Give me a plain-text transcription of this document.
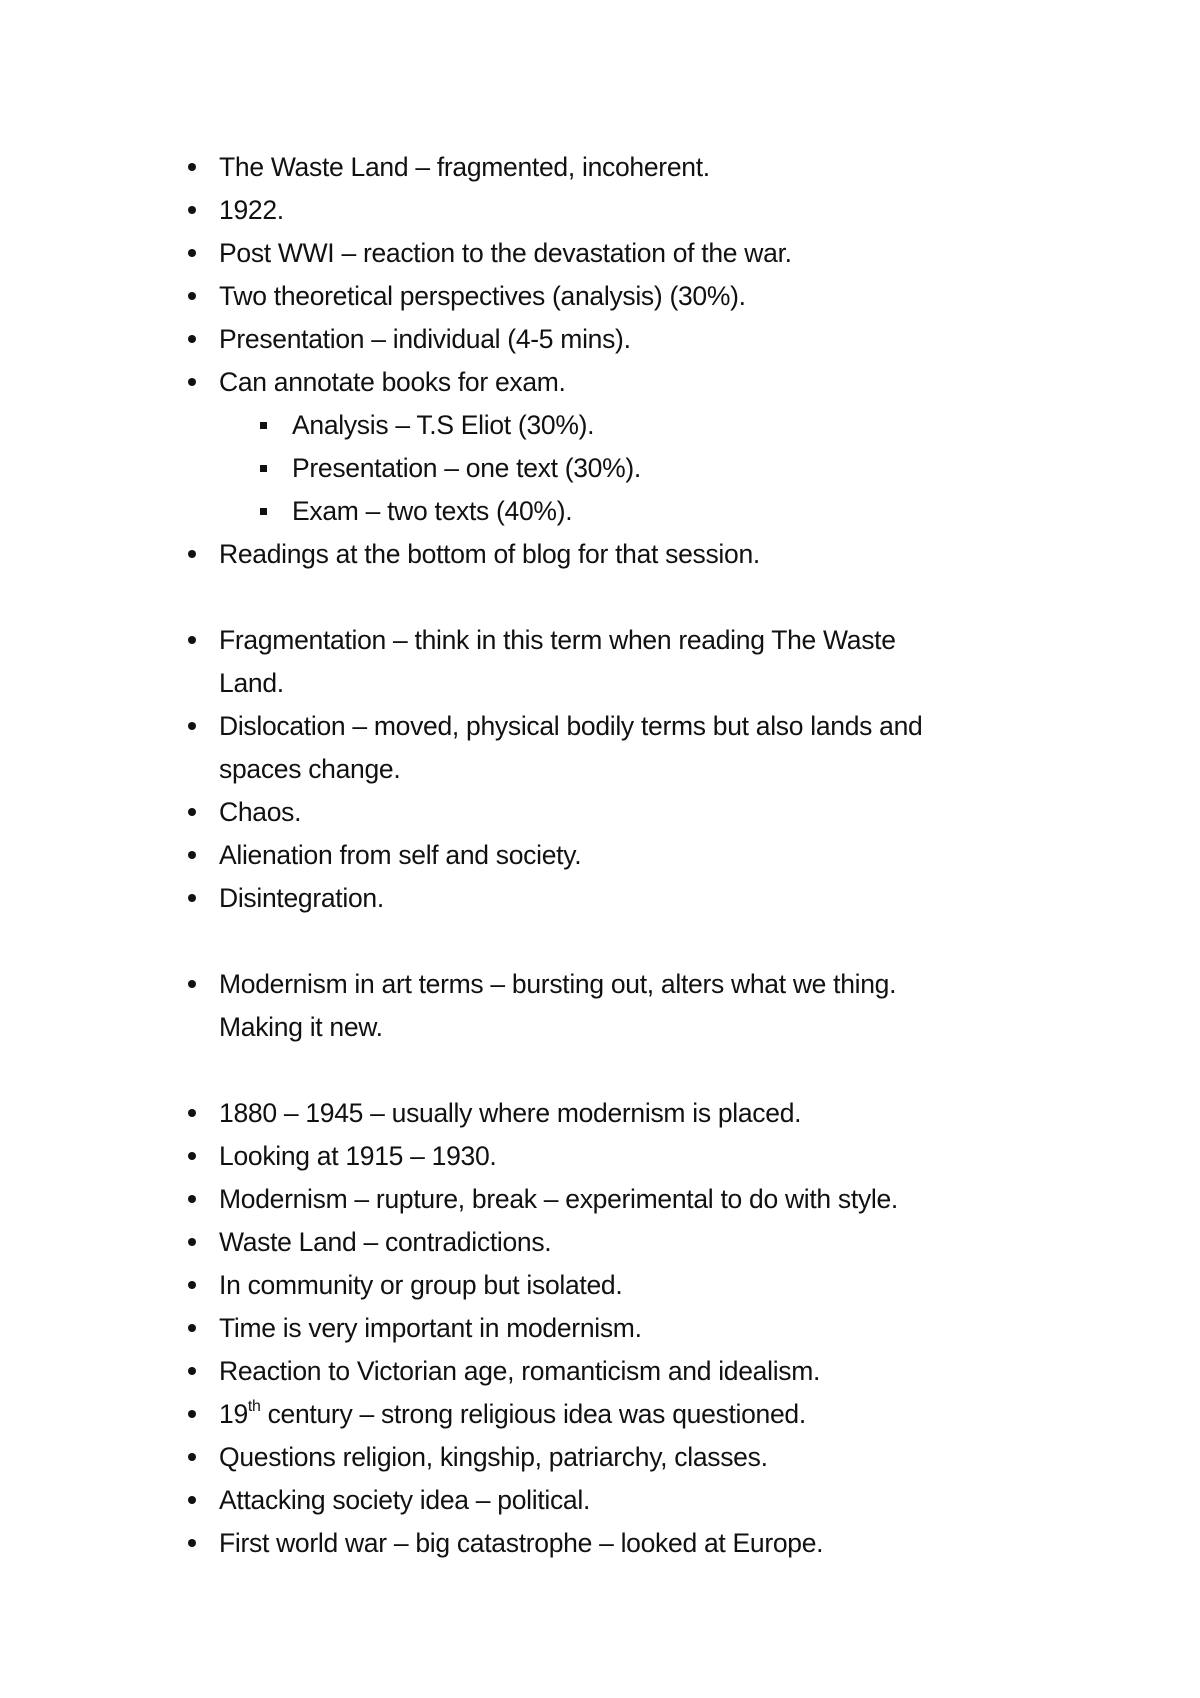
The Waste Land – fragmented, incoherent.
1922.
Post WWI – reaction to the devastation of the war.
Two theoretical perspectives (analysis) (30%).
Presentation – individual (4-5 mins).
Can annotate books for exam.
Analysis – T.S Eliot (30%).
Presentation – one text (30%).
Exam – two texts (40%).
Readings at the bottom of blog for that session.
Fragmentation – think in this term when reading The Waste
Land.
Dislocation – moved, physical bodily terms but also lands and
spaces change.
Chaos.
Alienation from self and society.
Disintegration.
Modernism in art terms – bursting out, alters what we thing.
Making it new.
1880 – 1945 – usually where modernism is placed.
Looking at 1915 – 1930.
Modernism – rupture, break – experimental to do with style.
Waste Land – contradictions.
In community or group but isolated.
Time is very important in modernism.
Reaction to Victorian age, romanticism and idealism.
19th century – strong religious idea was questioned.
Questions religion, kingship, patriarchy, classes.
Attacking society idea – political.
First world war – big catastrophe – looked at Europe.
